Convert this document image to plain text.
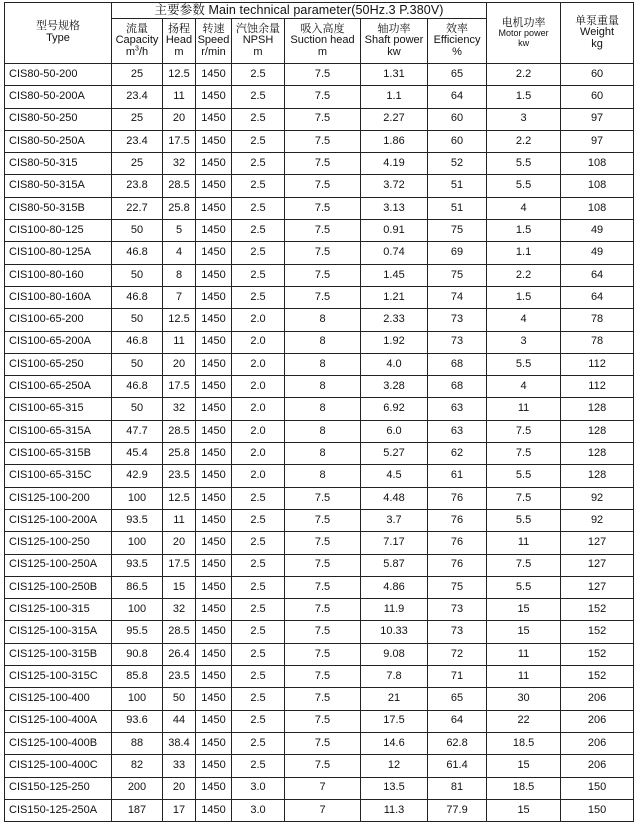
型号规格
Type	主要参数 Main technical parameter(50Hz.3 P.380V)							电机功率
Motor power
kw	单泵重量
Weight
kg

	流量
Capacity
$m^3/h$	扬程
Head
m	转速
Speed
r/min	汽蚀余量
NPSH
m	吸入高度
Suction head
m	轴功率
Shaft power
kw	效率
Efficiency
%		

CIS80-50-200	25	12.5	1450	2.5	7.5	1.31	65	2.2	60
CIS80-50-200A	23.4	11	1450	2.5	7.5	1.1	64	1.5	60
CIS80-50-250	25	20	1450	2.5	7.5	2.27	60	3	97
CIS80-50-250A	23.4	17.5	1450	2.5	7.5	1.86	60	2.2	97
CIS80-50-315	25	32	1450	2.5	7.5	4.19	52	5.5	108
CIS80-50-315A	23.8	28.5	1450	2.5	7.5	3.72	51	5.5	108
CIS80-50-315B	22.7	25.8	1450	2.5	7.5	3.13	51	4	108
CIS100-80-125	50	5	1450	2.5	7.5	0.91	75	1.5	49
CIS100-80-125A	46.8	4	1450	2.5	7.5	0.74	69	1.1	49
CIS100-80-160	50	8	1450	2.5	7.5	1.45	75	2.2	64
CIS100-80-160A	46.8	7	1450	2.5	7.5	1.21	74	1.5	64
CIS100-65-200	50	12.5	1450	2.0	8	2.33	73	4	78
CIS100-65-200A	46.8	11	1450	2.0	8	1.92	73	3	78
CIS100-65-250	50	20	1450	2.0	8	4.0	68	5.5	112
CIS100-65-250A	46.8	17.5	1450	2.0	8	3.28	68	4	112
CIS100-65-315	50	32	1450	2.0	8	6.92	63	11	128
CIS100-65-315A	47.7	28.5	1450	2.0	8	6.0	63	7.5	128
CIS100-65-315B	45.4	25.8	1450	2.0	8	5.27	62	7.5	128
CIS100-65-315C	42.9	23.5	1450	2.0	8	4.5	61	5.5	128
CIS125-100-200	100	12.5	1450	2.5	7.5	4.48	76	7.5	92
CIS125-100-200A	93.5	11	1450	2.5	7.5	3.7	76	5.5	92
CIS125-100-250	100	20	1450	2.5	7.5	7.17	76	11	127
CIS125-100-250A	93.5	17.5	1450	2.5	7.5	5.87	76	7.5	127
CIS125-100-250B	86.5	15	1450	2.5	7.5	4.86	75	5.5	127
CIS125-100-315	100	32	1450	2.5	7.5	11.9	73	15	152
CIS125-100-315A	95.5	28.5	1450	2.5	7.5	10.33	73	15	152
CIS125-100-315B	90.8	26.4	1450	2.5	7.5	9.08	72	11	152
CIS125-100-315C	85.8	23.5	1450	2.5	7.5	7.8	71	11	152
CIS125-100-400	100	50	1450	2.5	7.5	21	65	30	206
CIS125-100-400A	93.6	44	1450	2.5	7.5	17.5	64	22	206
CIS125-100-400B	88	38.4	1450	2.5	7.5	14.6	62.8	18.5	206
CIS125-100-400C	82	33	1450	2.5	7.5	12	61.4	15	206
CIS150-125-250	200	20	1450	3.0	7	13.5	81	18.5	150
CIS150-125-250A	187	17	1450	3.0	7	11.3	77.9	15	150
